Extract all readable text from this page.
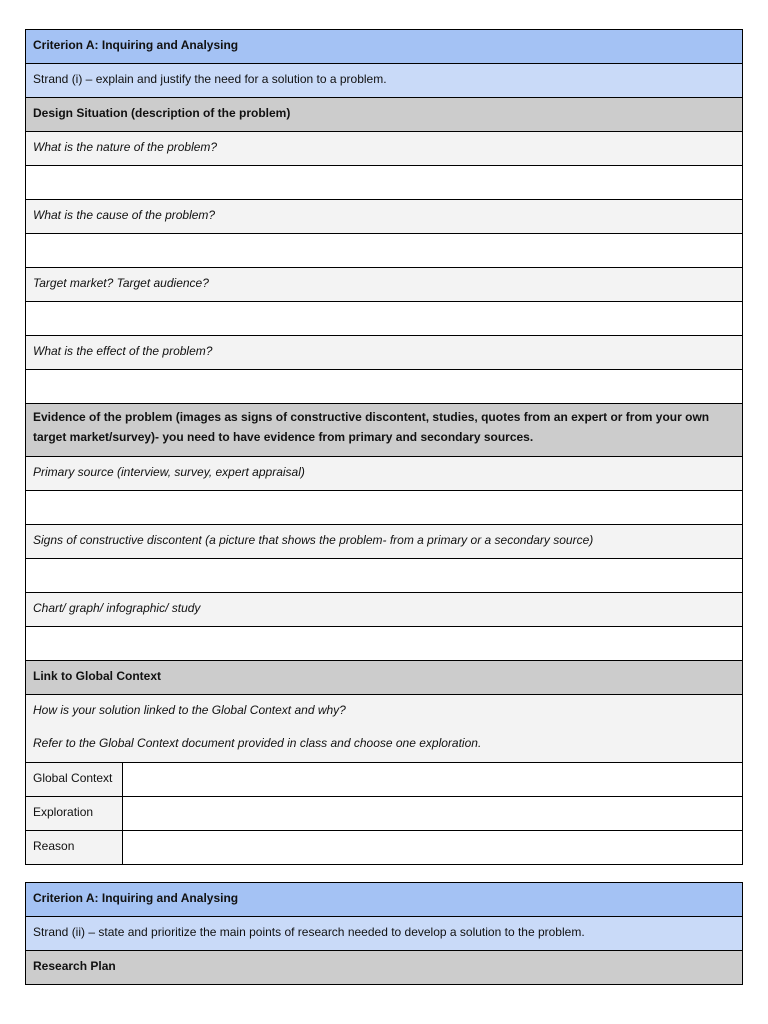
Criterion A: Inquiring and Analysing	

Strand (i) – explain and justify the need for a solution to a problem.	

Design Situation (description of the problem)	

What is the nature of the problem?	

What is the cause of the problem?	

Target market? Target audience?	

What is the effect of the problem?	

Evidence of the problem (images as signs of constructive discontent, studies, quotes from an expert or from your own target market/survey)- you need to have evidence from primary and secondary sources.	

Primary source (interview, survey, expert appraisal)	

Signs of constructive discontent (a picture that shows the problem- from a primary or a secondary source)	

Chart/ graph/ infographic/ study	

Link to Global Context	

How is your solution linked to the Global Context and why?
Refer to the Global Context document provided in class and choose one exploration.	

Global Context	

Exploration	

Reason	

Criterion A: Inquiring and Analysing

Strand (ii) – state and prioritize the main points of research needed to develop a solution to the problem.

Research Plan
